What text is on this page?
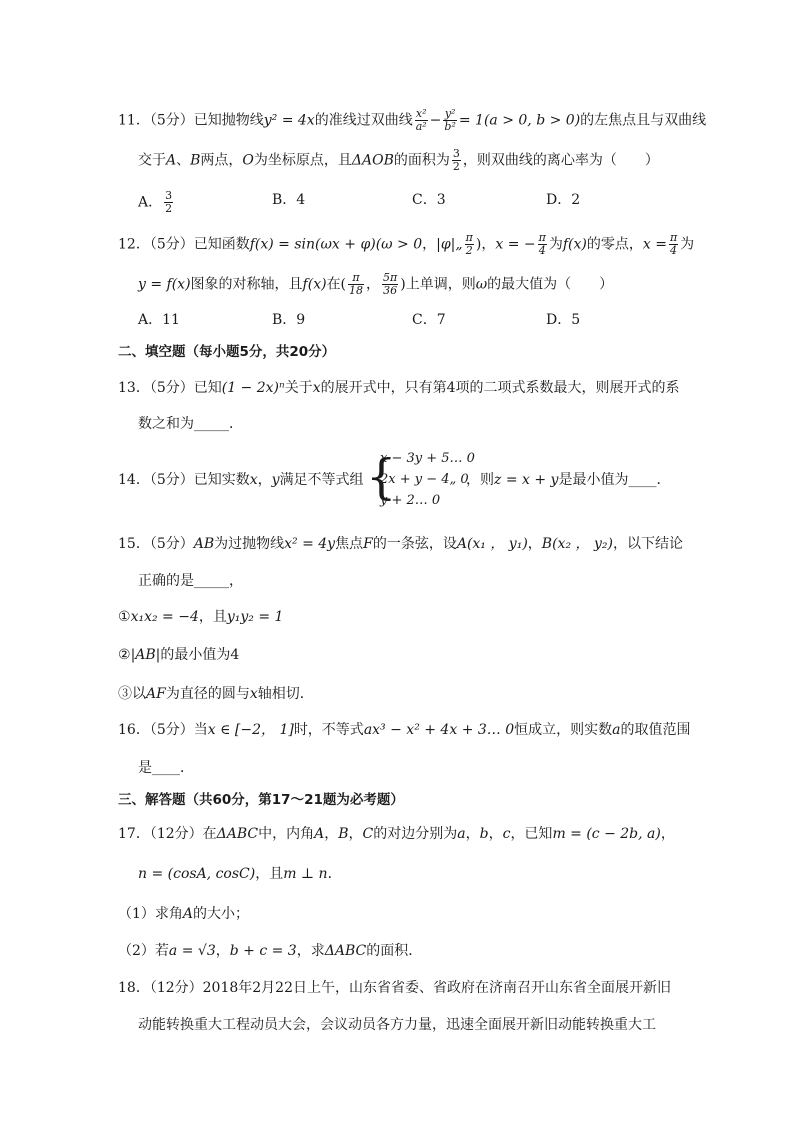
11．（5分）已知抛物线y² = 4x的准线过双曲线 $\frac{\text{x²}}{\text{a²}} - \frac{\text{y²}}{\text{b²}} = 1(a > 0$, b > 0)的左焦点且与双曲线
交于A、B两点，O为坐标原点，且ΔAOB的面积为 $\frac{3}{2}$ ，则双曲线的离心率为（　　）
A． $\frac{3}{2}$	B．4	C．3	D．2
12．（5分）已知函数f(x) = sin(ωx + φ)(ω > 0，|φ|„ $\frac{\pi}{2}$ )，x = − $\frac{\pi}{4}$ 为f(x)的零点，$x = \frac{\pi}{4}$ 为
y = f(x)图象的对称轴，且f(x)在( $\frac{\pi}{18}$ ， $\frac{5\pi}{36}$ )上单调，则ω的最大值为（　　）
A．11	B．9	C．7	D．5
二、填空题（每小题5分，共20分）
13．（5分）已知(1 − 2x)ⁿ关于x的展开式中，只有第4项的二项式系数最大，则展开式的系
数之和为_____．
14．（5分）已知实数x，y满足不等式组 {
x − 3y + 5… 0
2x + y − 4„ 0
y + 2… 0
，则z = x + y是最小值为____．
15．（5分）AB为过抛物线x² = 4y焦点F的一条弦，设A(x₁ ， y₁)，B(x₂ ， y₂)，以下结论
正确的是_____，
①x₁x₂ = −4，且y₁y₂ = 1
②|AB|的最小值为4
③以AF为直径的圆与x轴相切．
16．（5分）当x ∈ [−2， 1]时，不等式ax³ − x² + 4x + 3… 0恒成立，则实数a的取值范围
是____．
三、解答题（共60分，第17～21题为必考题）
17．（12分）在ΔABC中，内角A，B，C的对边分别为a，b，c，已知m = (c − 2b, a)，
n = (cosA, cosC)，且m ⊥ n．
（1）求角A的大小；
（2）若a = √3，b + c = 3，求ΔABC的面积．
18．（12分）2018年2月22日上午，山东省省委、省政府在济南召开山东省全面展开新旧
动能转换重大工程动员大会，会议动员各方力量，迅速全面展开新旧动能转换重大工
